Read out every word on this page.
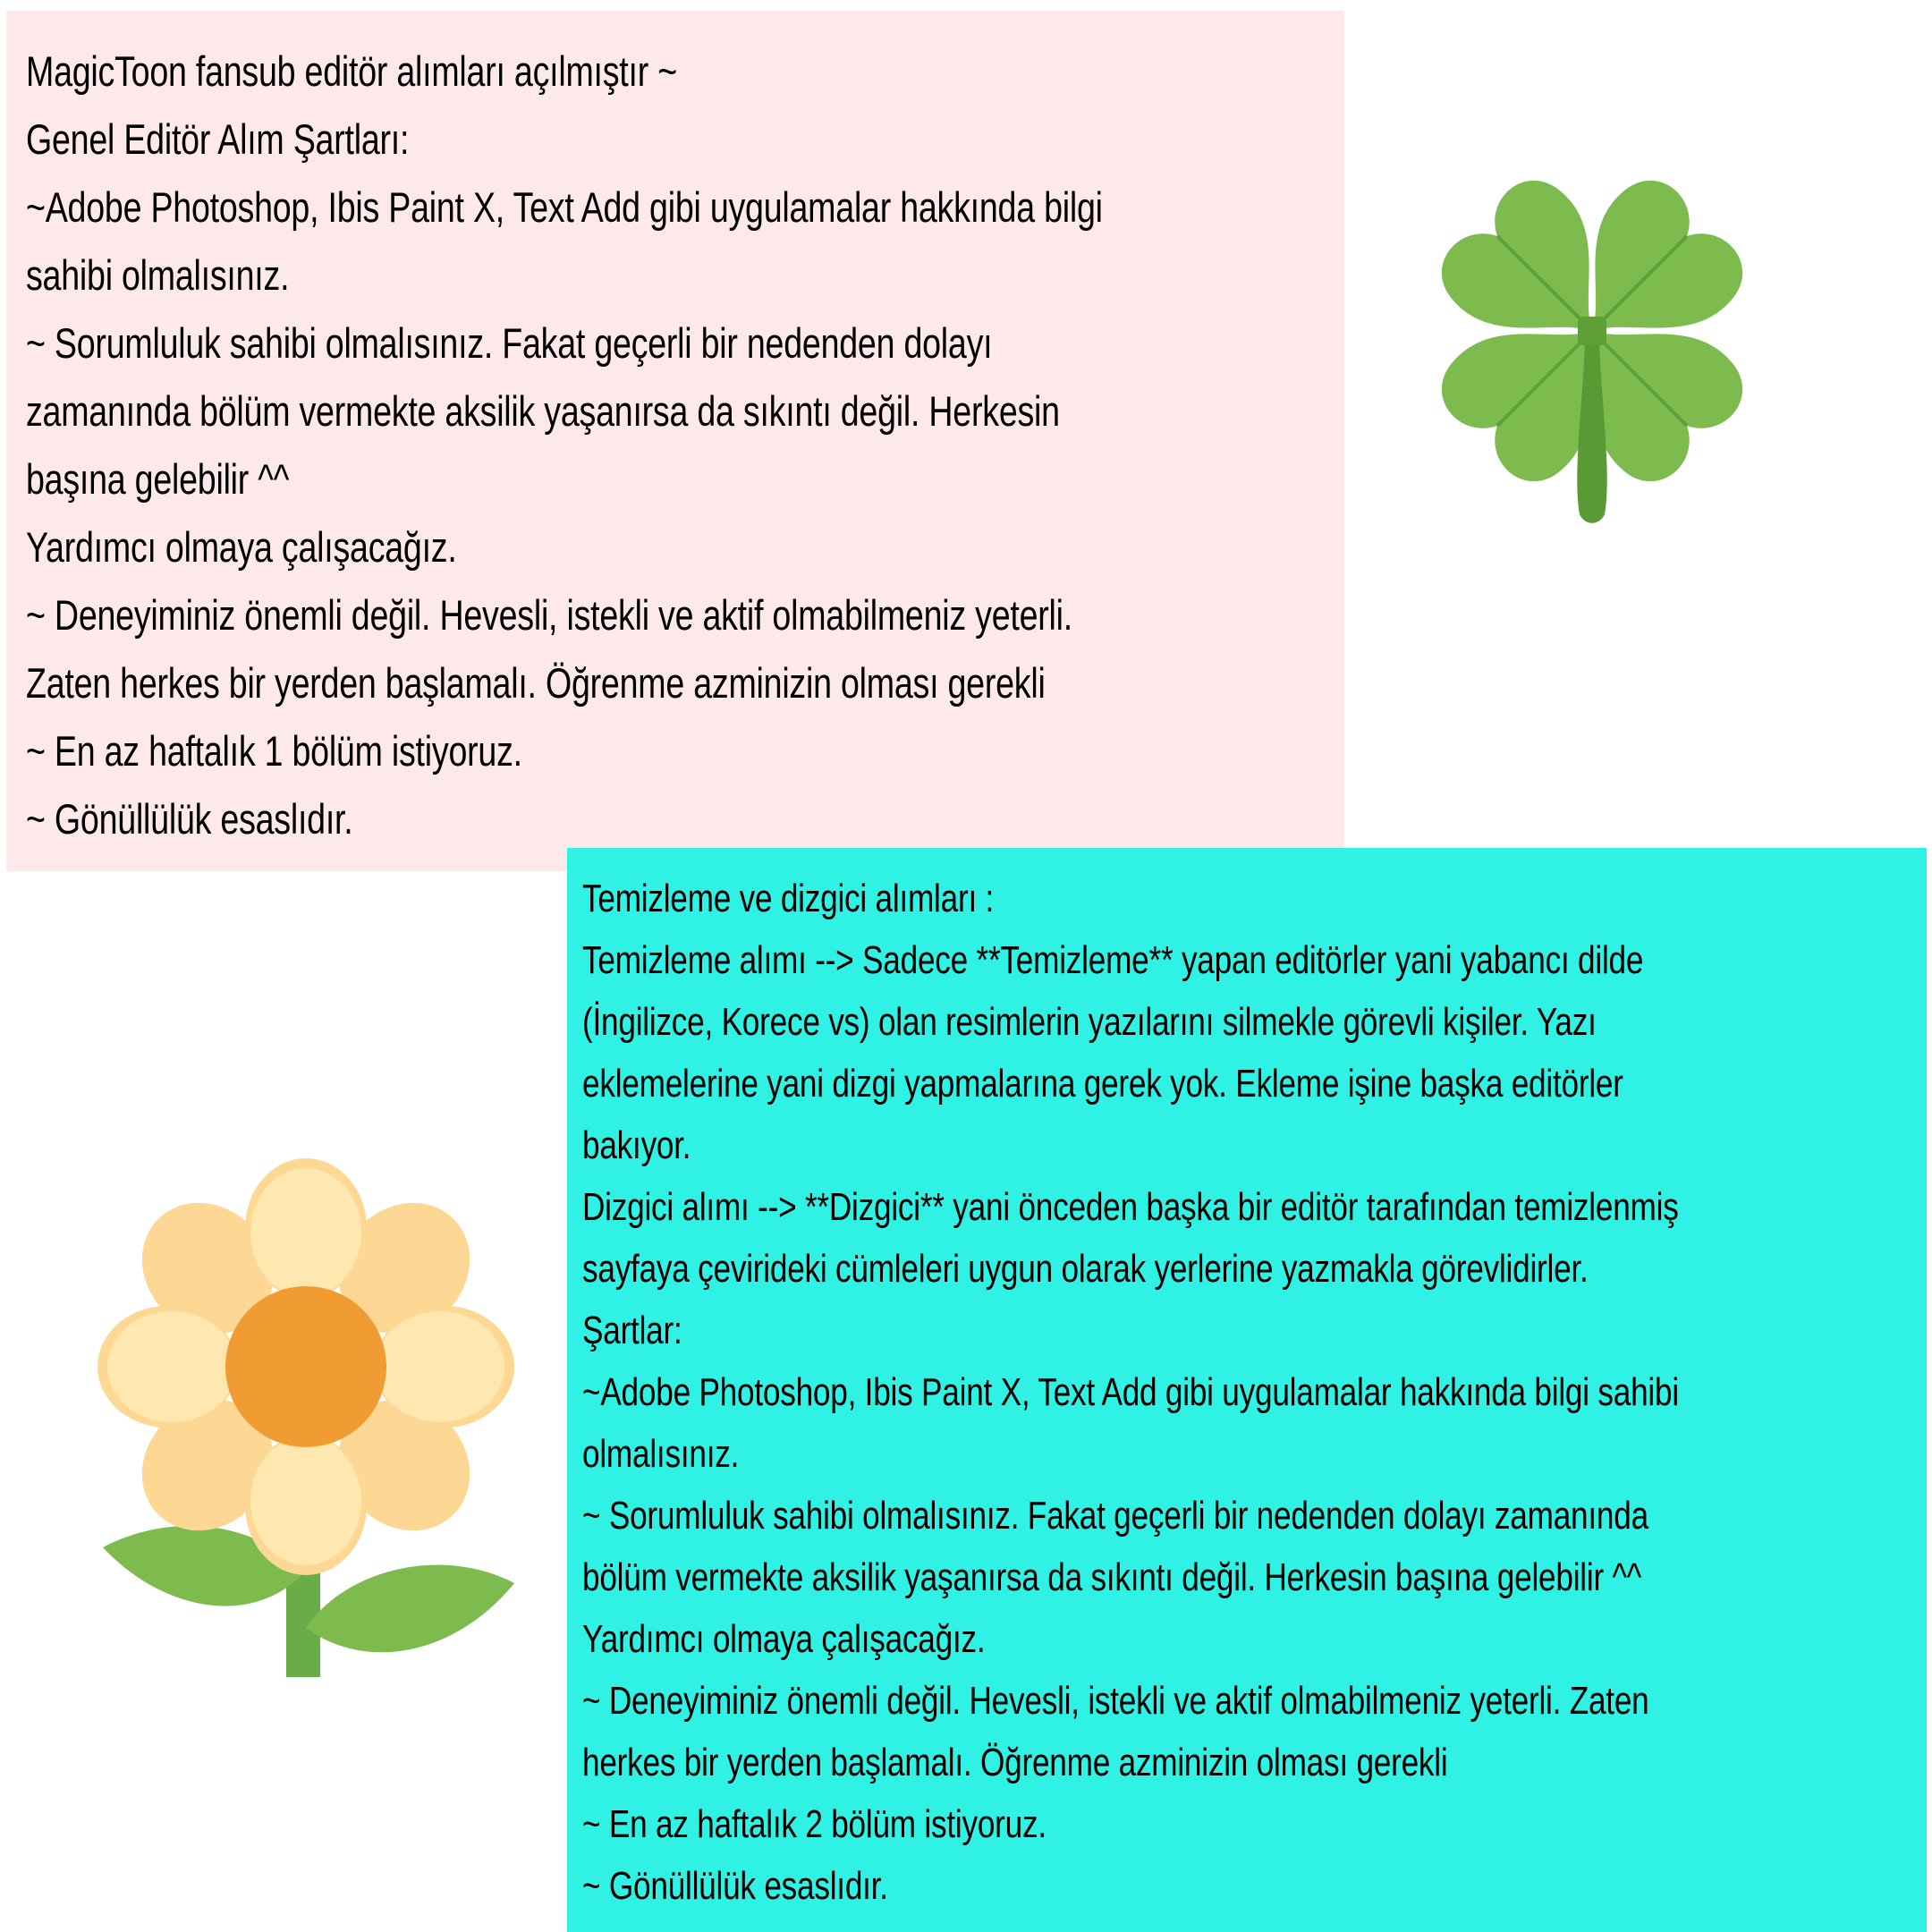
MagicToon fansub editör alımları açılmıştır ~
Genel Editör Alım Şartları:
~Adobe Photoshop, Ibis Paint X, Text Add gibi uygulamalar hakkında bilgi
sahibi olmalısınız.
~ Sorumluluk sahibi olmalısınız. Fakat geçerli bir nedenden dolayı
zamanında bölüm vermekte aksilik yaşanırsa da sıkıntı değil. Herkesin
başına gelebilir ^^
Yardımcı olmaya çalışacağız.
~ Deneyiminiz önemli değil. Hevesli, istekli ve aktif olmabilmeniz yeterli.
Zaten herkes bir yerden başlamalı. Öğrenme azminizin olması gerekli
~ En az haftalık 1 bölüm istiyoruz.
~ Gönüllülük esaslıdır.
Temizleme ve dizgici alımları :
Temizleme alımı --> Sadece **Temizleme** yapan editörler yani yabancı dilde
(İngilizce, Korece vs) olan resimlerin yazılarını silmekle görevli kişiler. Yazı
eklemelerine yani dizgi yapmalarına gerek yok. Ekleme işine başka editörler
bakıyor.
Dizgici alımı --> **Dizgici** yani önceden başka bir editör tarafından temizlenmiş
sayfaya çevirideki cümleleri uygun olarak yerlerine yazmakla görevlidirler.
Şartlar:
~Adobe Photoshop, Ibis Paint X, Text Add gibi uygulamalar hakkında bilgi sahibi
olmalısınız.
~ Sorumluluk sahibi olmalısınız. Fakat geçerli bir nedenden dolayı zamanında
bölüm vermekte aksilik yaşanırsa da sıkıntı değil. Herkesin başına gelebilir ^^
Yardımcı olmaya çalışacağız.
~ Deneyiminiz önemli değil. Hevesli, istekli ve aktif olmabilmeniz yeterli. Zaten
herkes bir yerden başlamalı. Öğrenme azminizin olması gerekli
~ En az haftalık 2 bölüm istiyoruz.
~ Gönüllülük esaslıdır.
